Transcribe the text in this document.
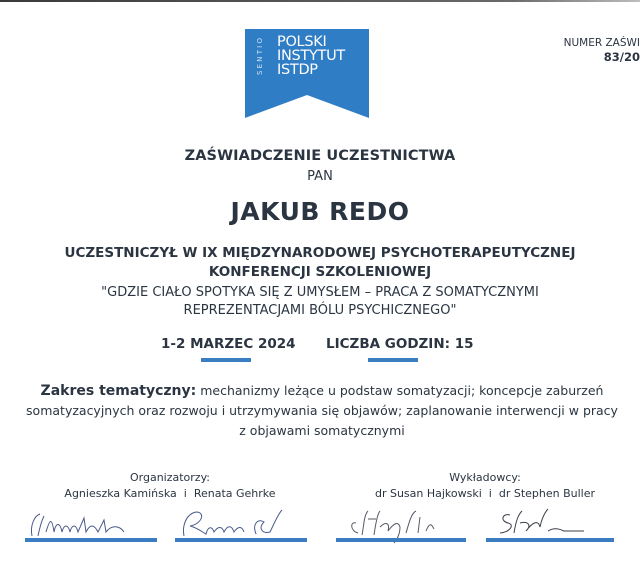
SENTIO POLSKI
INSTYTUT
ISTDP
NUMER ZAŚWI
83/20
ZAŚWIADCZENIE UCZESTNICTWA
PAN
JAKUB REDO
UCZESTNICZYŁ W IX MIĘDZYNARODOWEJ PSYCHOTERAPEUTYCZNEJ
KONFERENCJI SZKOLENIOWEJ
"GDZIE CIAŁO SPOTYKA SIĘ Z UMYSŁEM – PRACA Z SOMATYCZNYMI
REPREZENTACJAMI BÓLU PSYCHICZNEGO"
1-2 MARZEC 2024 LICZBA GODZIN: 15
Zakres tematyczny: mechanizmy leżące u podstaw somatyzacji; koncepcje zaburzeń somatyzacyjnych oraz rozwoju i utrzymywania się objawów; zaplanowanie interwencji w pracy z objawami somatycznymi
Organizatorzy:
Agnieszka Kamińska  i  Renata Gehrke
Wykładowcy:
dr Susan Hajkowski  i  dr Stephen Buller
